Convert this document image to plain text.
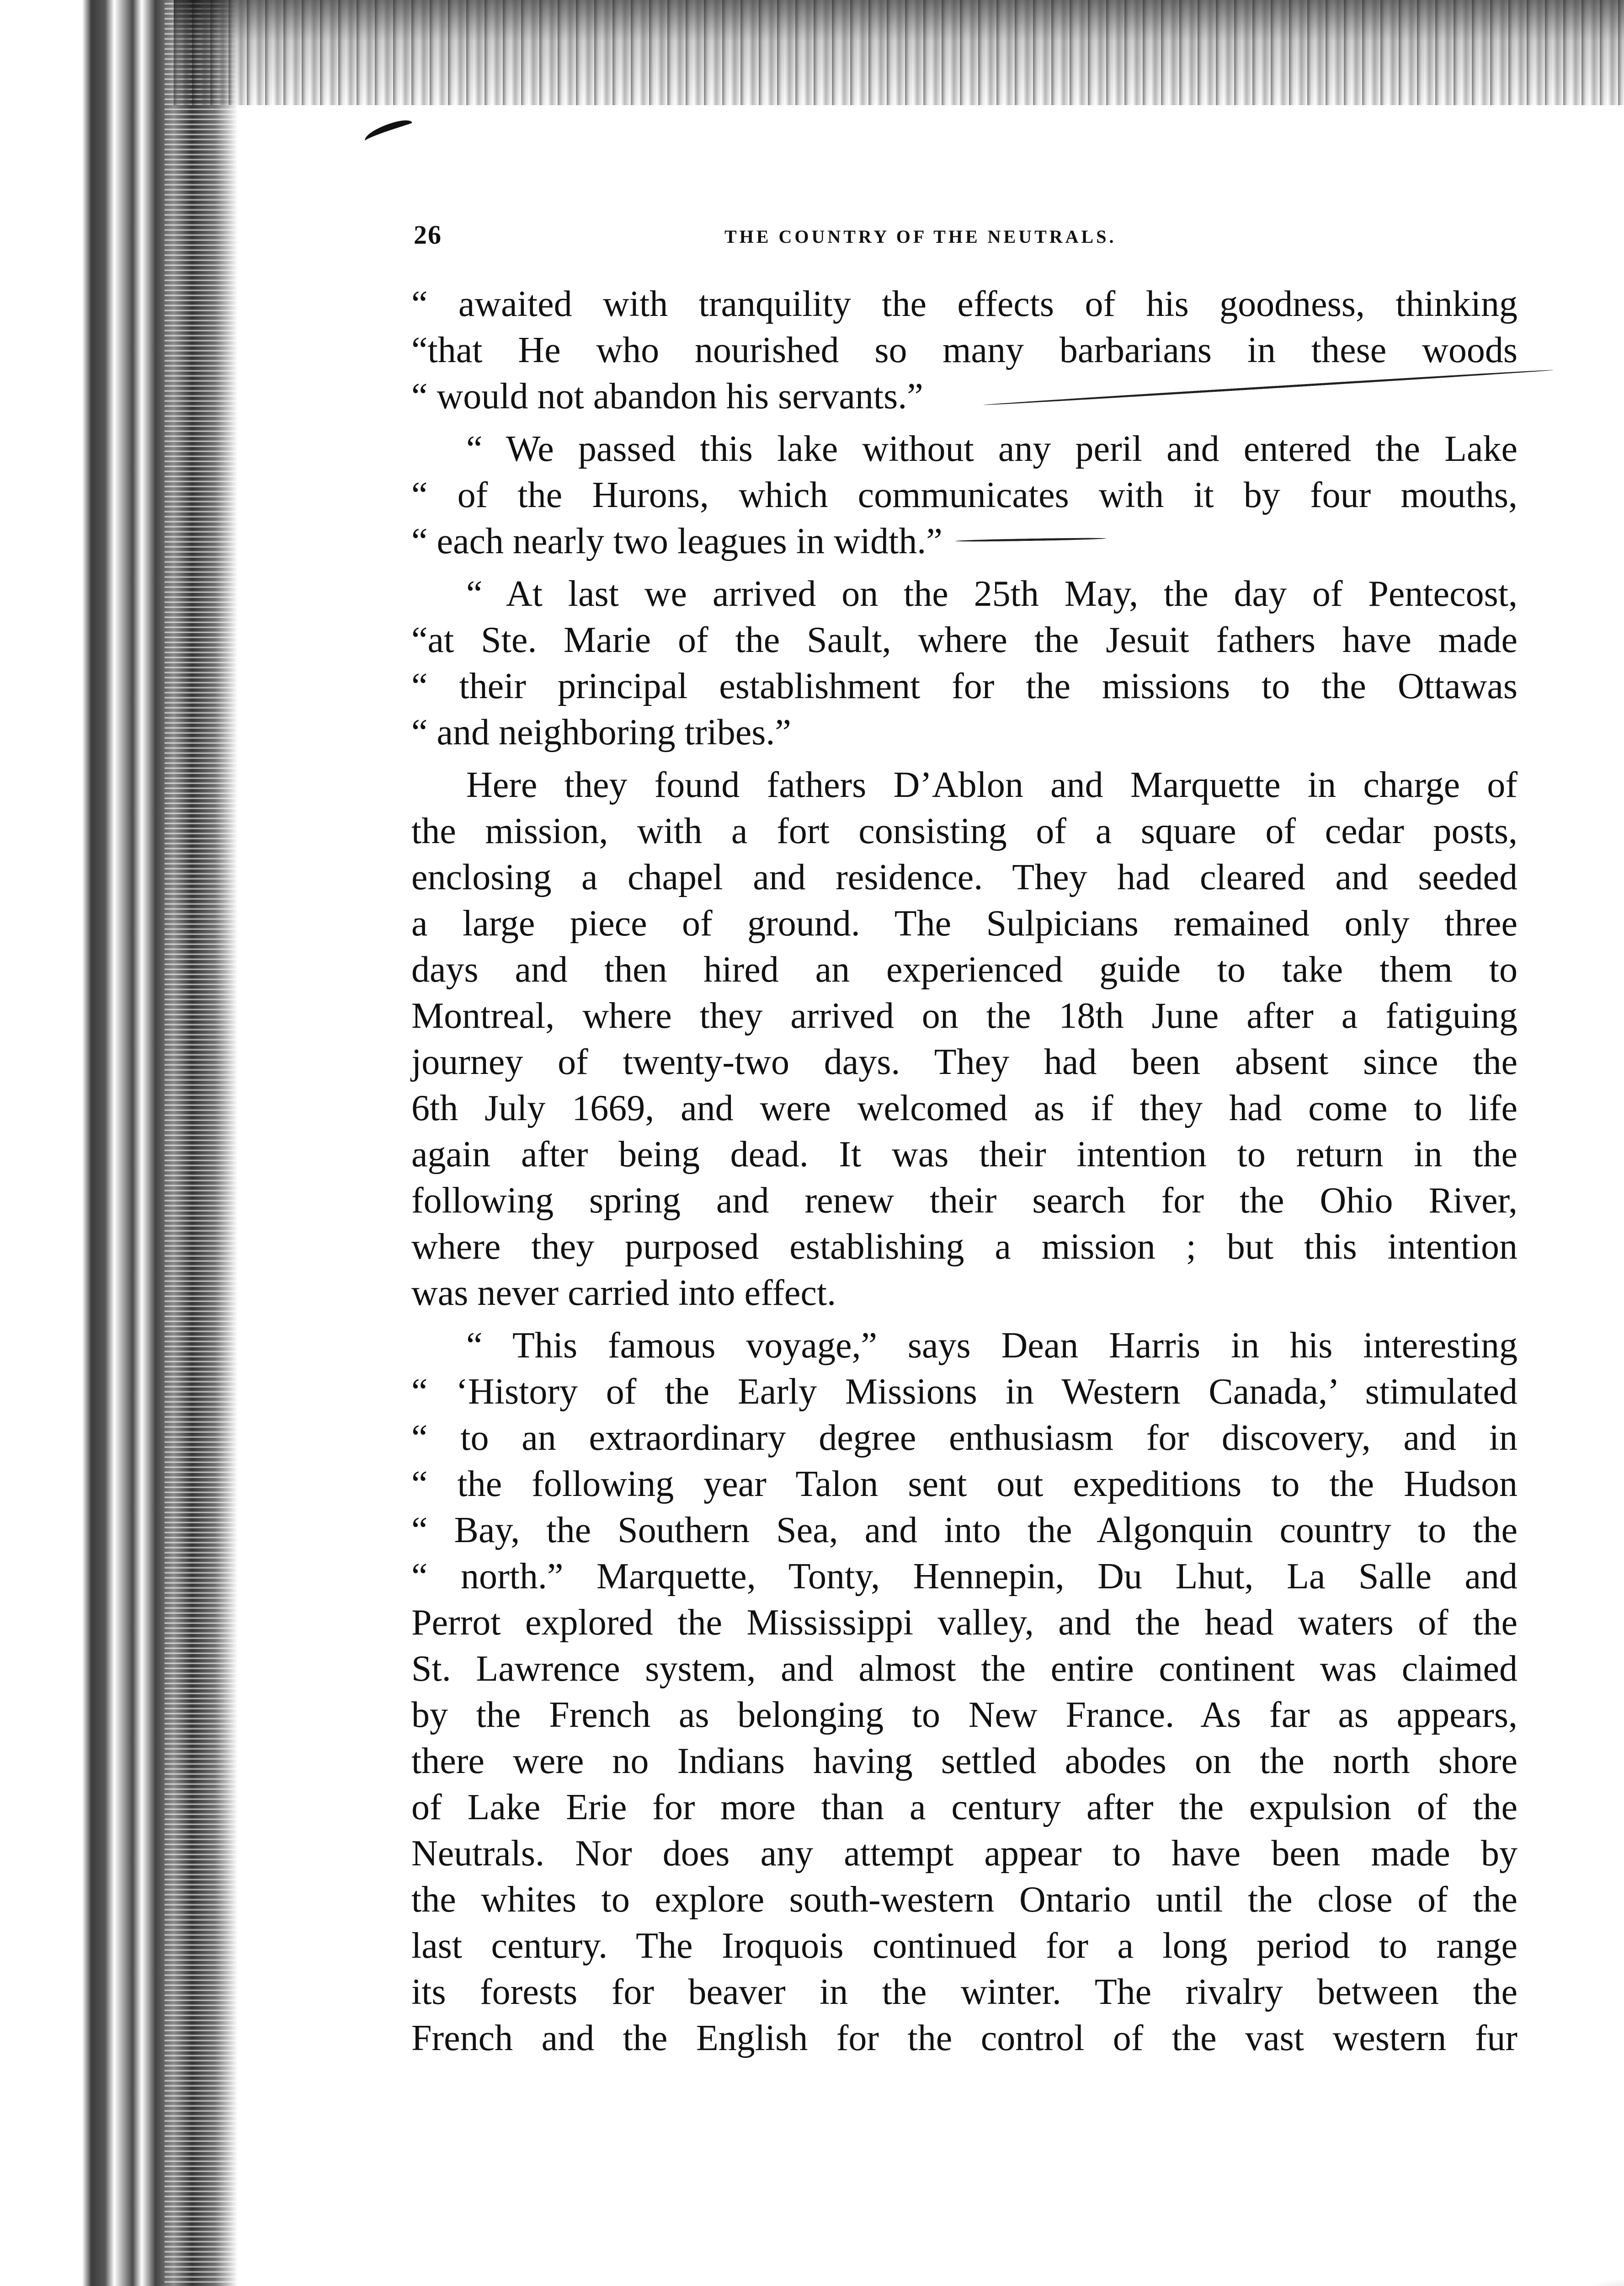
26	THE COUNTRY OF THE NEUTRALS.

“ awaited with tranquility the effects of his goodness, thinking
“that He who nourished so many barbarians in these woods
“ would not abandon his servants.”

“ We passed this lake without any peril and entered the Lake
“ of the Hurons, which communicates with it by four mouths,
“ each nearly two leagues in width.”

“ At last we arrived on the 25th May, the day of Pentecost,
“at Ste. Marie of the Sault, where the Jesuit fathers have made
“ their principal establishment for the missions to the Ottawas
“ and neighboring tribes.”

Here they found fathers D’Ablon and Marquette in charge of
the mission, with a fort consisting of a square of cedar posts,
enclosing a chapel and residence. They had cleared and seeded
a large piece of ground. The Sulpicians remained only three
days and then hired an experienced guide to take them to
Montreal, where they arrived on the 18th June after a fatiguing
journey of twenty-two days. They had been absent since the
6th July 1669, and were welcomed as if they had come to life
again after being dead. It was their intention to return in the
following spring and renew their search for the Ohio River,
where they purposed establishing a mission ; but this intention
was never carried into effect.

“ This famous voyage,” says Dean Harris in his interesting
“ ‘History of the Early Missions in Western Canada,’ stimulated
“ to an extraordinary degree enthusiasm for discovery, and in
“ the following year Talon sent out expeditions to the Hudson
“ Bay, the Southern Sea, and into the Algonquin country to the
“ north.” Marquette, Tonty, Hennepin, Du Lhut, La Salle and
Perrot explored the Mississippi valley, and the head waters of the
St. Lawrence system, and almost the entire continent was claimed
by the French as belonging to New France. As far as appears,
there were no Indians having settled abodes on the north shore
of Lake Erie for more than a century after the expulsion of the
Neutrals. Nor does any attempt appear to have been made by
the whites to explore south-western Ontario until the close of the
last century. The Iroquois continued for a long period to range
its forests for beaver in the winter. The rivalry between the
French and the English for the control of the vast western fur
